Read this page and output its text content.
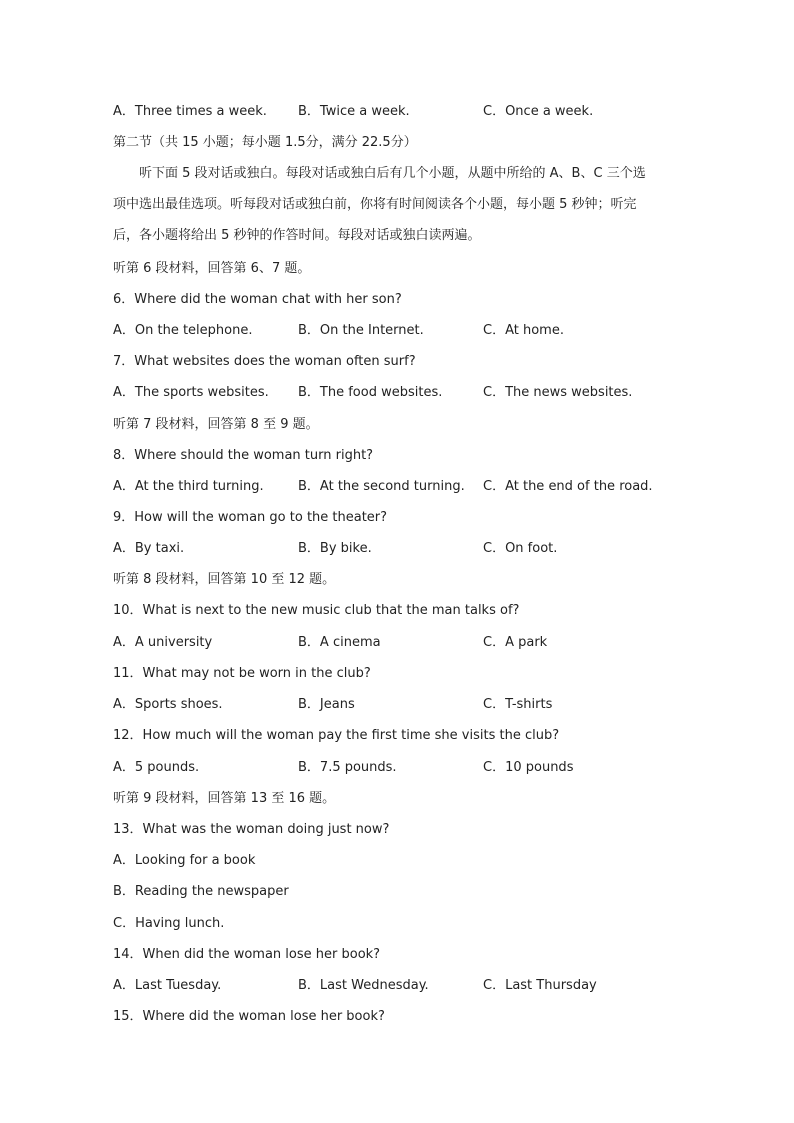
A．Three times a week. B．Twice a week.	C．Once a week.

第二节（共 15 小题；每小题 1.5分，满分 22.5分）

听下面 5 段对话或独白。每段对话或独白后有几个小题，从题中所给的 A、B、C 三个选

项中选出最佳选项。听每段对话或独白前，你将有时间阅读各个小题，每小题 5 秒钟；听完

后，各小题将给出 5 秒钟的作答时间。每段对话或独白读两遍。

听第 6 段材料，回答第 6、7 题。

6．Where did the woman chat with her son?

A．On the telephone.	B．On the Internet.	C．At home.

7．What websites does the woman often surf?

A．The sports websites. B．The food websites.	C．The news websites.

听第 7 段材料，回答第 8 至 9 题。

8．Where should the woman turn right?

A．At the third turning.	B．At the second turning. C．At the end of the road.

9．How will the woman go to the theater?

A．By taxi.	B．By bike.	C．On foot.

听第 8 段材料，回答第 10 至 12 题。

10．What is next to the new music club that the man talks of?

A．A university	B．A cinema	C．A park

11．What may not be worn in the club?

A．Sports shoes.	B．Jeans	C．T-shirts

12．How much will the woman pay the first time she visits the club?

A．5 pounds.	B．7.5 pounds.	C．10 pounds

听第 9 段材料，回答第 13 至 16 题。

13．What was the woman doing just now?

A．Looking for a book

B．Reading the newspaper

C．Having lunch.

14．When did the woman lose her book?

A．Last Tuesday.	B．Last Wednesday.	C．Last Thursday

15．Where did the woman lose her book?
